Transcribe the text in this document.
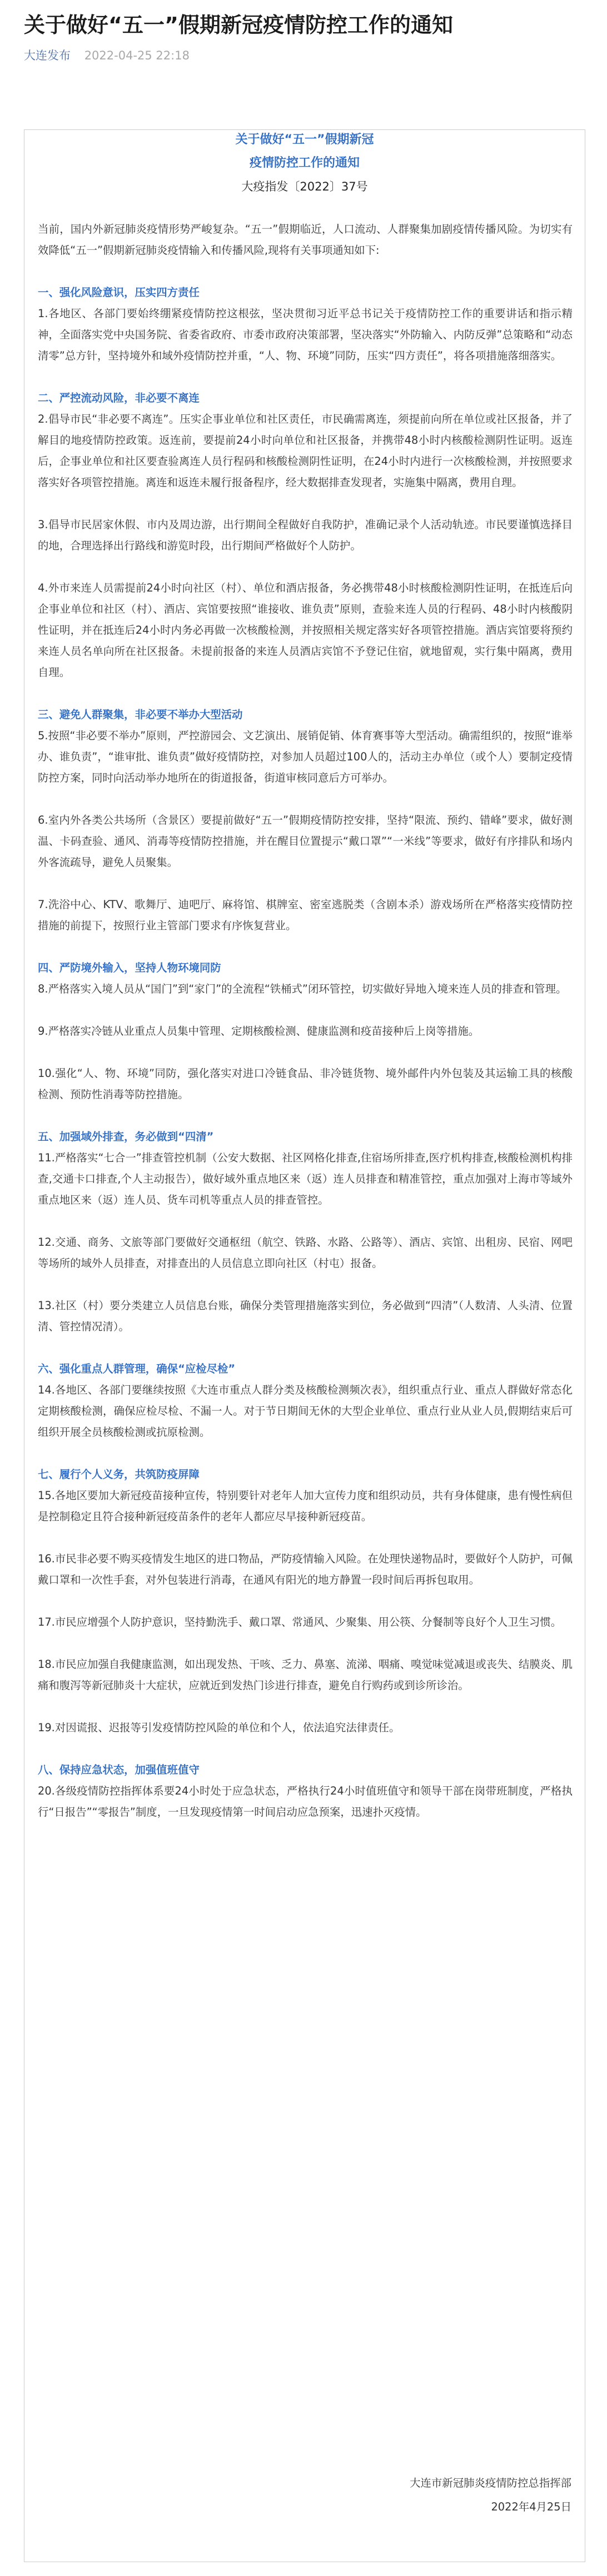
关于做好“五一”假期新冠疫情防控工作的通知
大连发布 2022-04-25 22:18
关于做好“五一”假期新冠
疫情防控工作的通知
大疫指发〔2022〕37号

当前，国内外新冠肺炎疫情形势严峻复杂。“五一”假期临近，人口流动、人群聚集加剧疫情传播风险。为切实有效降低“五一”假期新冠肺炎疫情输入和传播风险,现将有关事项通知如下:

一、强化风险意识，压实四方责任

1.各地区、各部门要始终绷紧疫情防控这根弦，坚决贯彻习近平总书记关于疫情防控工作的重要讲话和指示精神，全面落实党中央国务院、省委省政府、市委市政府决策部署，坚决落实“外防输入、内防反弹”总策略和“动态清零”总方针，坚持境外和域外疫情防控并重，“人、物、环境”同防，压实“四方责任”，将各项措施落细落实。

二、严控流动风险，非必要不离连

2.倡导市民“非必要不离连”。压实企事业单位和社区责任，市民确需离连，须提前向所在单位或社区报备，并了解目的地疫情防控政策。返连前，要提前24小时向单位和社区报备，并携带48小时内核酸检测阴性证明。返连后，企事业单位和社区要查验离连人员行程码和核酸检测阴性证明，在24小时内进行一次核酸检测，并按照要求落实好各项管控措施。离连和返连未履行报备程序，经大数据排查发现者，实施集中隔离，费用自理。

3.倡导市民居家休假、市内及周边游，出行期间全程做好自我防护，准确记录个人活动轨迹。市民要谨慎选择目的地，合理选择出行路线和游览时段，出行期间严格做好个人防护。

4.外市来连人员需提前24小时向社区（村）、单位和酒店报备，务必携带48小时核酸检测阴性证明，在抵连后向企事业单位和社区（村）、酒店、宾馆要按照“谁接收、谁负责”原则，查验来连人员的行程码、48小时内核酸阴性证明，并在抵连后24小时内务必再做一次核酸检测，并按照相关规定落实好各项管控措施。酒店宾馆要将预约来连人员名单向所在社区报备。未提前报备的来连人员酒店宾馆不予登记住宿，就地留观，实行集中隔离，费用自理。

三、避免人群聚集，非必要不举办大型活动

5.按照“非必要不举办”原则，严控游园会、文艺演出、展销促销、体育赛事等大型活动。确需组织的，按照“谁举办、谁负责”，“谁审批、谁负责”做好疫情防控，对参加人员超过100人的，活动主办单位（或个人）要制定疫情防控方案，同时向活动举办地所在的街道报备，街道审核同意后方可举办。

6.室内外各类公共场所（含景区）要提前做好“五一”假期疫情防控安排，坚持“限流、预约、错峰”要求，做好测温、卡码查验、通风、消毒等疫情防控措施，并在醒目位置提示“戴口罩”“一米线”等要求，做好有序排队和场内外客流疏导，避免人员聚集。

7.洗浴中心、KTV、歌舞厅、迪吧厅、麻将馆、棋牌室、密室逃脱类（含剧本杀）游戏场所在严格落实疫情防控措施的前提下，按照行业主管部门要求有序恢复营业。

四、严防境外输入，坚持人物环境同防

8.严格落实入境人员从“国门”到“家门”的全流程“铁桶式”闭环管控，切实做好异地入境来连人员的排查和管理。

9.严格落实冷链从业重点人员集中管理、定期核酸检测、健康监测和疫苗接种后上岗等措施。

10.强化“人、物、环境”同防，强化落实对进口冷链食品、非冷链货物、境外邮件内外包装及其运输工具的核酸检测、预防性消毒等防控措施。

五、加强域外排查，务必做到“四清”

11.严格落实“七合一”排查管控机制（公安大数据、社区网格化排查,住宿场所排查,医疗机构排查,核酸检测机构排查,交通卡口排查,个人主动报告），做好域外重点地区来（返）连人员排查和精准管控，重点加强对上海市等域外重点地区来（返）连人员、货车司机等重点人员的排查管控。

12.交通、商务、文旅等部门要做好交通枢纽（航空、铁路、水路、公路等）、酒店、宾馆、出租房、民宿、网吧等场所的域外人员排查，对排查出的人员信息立即向社区（村屯）报备。

13.社区（村）要分类建立人员信息台账，确保分类管理措施落实到位，务必做到“四清”（人数清、人头清、位置清、管控情况清）。

六、强化重点人群管理，确保“应检尽检”

14.各地区、各部门要继续按照《大连市重点人群分类及核酸检测频次表》，组织重点行业、重点人群做好常态化定期核酸检测，确保应检尽检、不漏一人。对于节日期间无休的大型企业单位、重点行业从业人员,假期结束后可组织开展全员核酸检测或抗原检测。

七、履行个人义务，共筑防疫屏障

15.各地区要加大新冠疫苗接种宣传，特别要针对老年人加大宣传力度和组织动员，共有身体健康，患有慢性病但是控制稳定且符合接种新冠疫苗条件的老年人都应尽早接种新冠疫苗。

16.市民非必要不购买疫情发生地区的进口物品，严防疫情输入风险。在处理快递物品时，要做好个人防护，可佩戴口罩和一次性手套，对外包装进行消毒，在通风有阳光的地方静置一段时间后再拆包取用。

17.市民应增强个人防护意识，坚持勤洗手、戴口罩、常通风、少聚集、用公筷、分餐制等良好个人卫生习惯。

18.市民应加强自我健康监测，如出现发热、干咳、乏力、鼻塞、流涕、咽痛、嗅觉味觉减退或丧失、结膜炎、肌痛和腹泻等新冠肺炎十大症状，应就近到发热门诊进行排查，避免自行购药或到诊所诊治。

19.对因谎报、迟报等引发疫情防控风险的单位和个人，依法追究法律责任。

八、保持应急状态，加强值班值守

20.各级疫情防控指挥体系要24小时处于应急状态，严格执行24小时值班值守和领导干部在岗带班制度，严格执行“日报告”“零报告”制度，一旦发现疫情第一时间启动应急预案，迅速扑灭疫情。

大连市新冠肺炎疫情防控总指挥部
2022年4月25日
